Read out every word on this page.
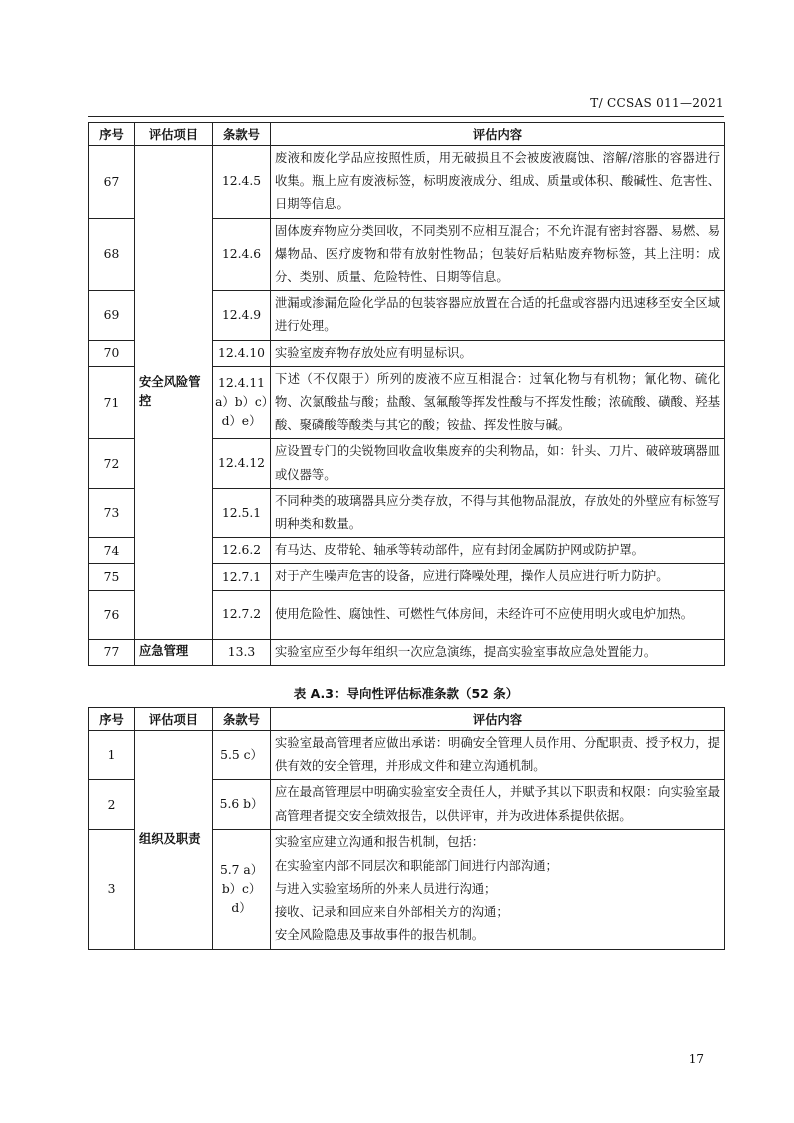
T/ CCSAS 011—2021
序号	评估项目	条款号	评估内容
67	安全风险管控	12.4.5	废液和废化学品应按照性质，用无破损且不会被废液腐蚀、溶解/溶胀的容器进行收集。瓶上应有废液标签，标明废液成分、组成、质量或体积、酸碱性、危害性、日期等信息。
68		12.4.6	固体废弃物应分类回收，不同类别不应相互混合；不允许混有密封容器、易燃、易爆物品、医疗废物和带有放射性物品；包装好后粘贴废弃物标签，其上注明：成分、类别、质量、危险特性、日期等信息。
69		12.4.9	泄漏或渗漏危险化学品的包装容器应放置在合适的托盘或容器内迅速移至安全区域进行处理。
70		12.4.10	实验室废弃物存放处应有明显标识。
71		12.4.11 a）b）c）d）e）	下述（不仅限于）所列的废液不应互相混合：过氧化物与有机物；氰化物、硫化物、次氯酸盐与酸；盐酸、氢氟酸等挥发性酸与不挥发性酸；浓硫酸、磺酸、羟基酸、聚磷酸等酸类与其它的酸；铵盐、挥发性胺与碱。
72		12.4.12	应设置专门的尖锐物回收盒收集废弃的尖利物品，如：针头、刀片、破碎玻璃器皿或仪器等。
73		12.5.1	不同种类的玻璃器具应分类存放，不得与其他物品混放，存放处的外壁应有标签写明种类和数量。
74		12.6.2	有马达、皮带轮、轴承等转动部件，应有封闭金属防护网或防护罩。
75		12.7.1	对于产生噪声危害的设备，应进行降噪处理，操作人员应进行听力防护。
76		12.7.2	使用危险性、腐蚀性、可燃性气体房间，未经许可不应使用明火或电炉加热。
77	应急管理	13.3	实验室应至少每年组织一次应急演练，提高实验室事故应急处置能力。
表 A.3：导向性评估标准条款（52 条）
序号	评估项目	条款号	评估内容
1	组织及职责	5.5 c）	实验室最高管理者应做出承诺：明确安全管理人员作用、分配职责、授予权力，提供有效的安全管理，并形成文件和建立沟通机制。
2		5.6 b）	应在最高管理层中明确实验室安全责任人，并赋予其以下职责和权限：向实验室最高管理者提交安全绩效报告，以供评审，并为改进体系提供依据。
3		5.7 a）b）c）d）	实验室应建立沟通和报告机制，包括：
在实验室内部不同层次和职能部门间进行内部沟通；
与进入实验室场所的外来人员进行沟通；
接收、记录和回应来自外部相关方的沟通；
安全风险隐患及事故事件的报告机制。
17
